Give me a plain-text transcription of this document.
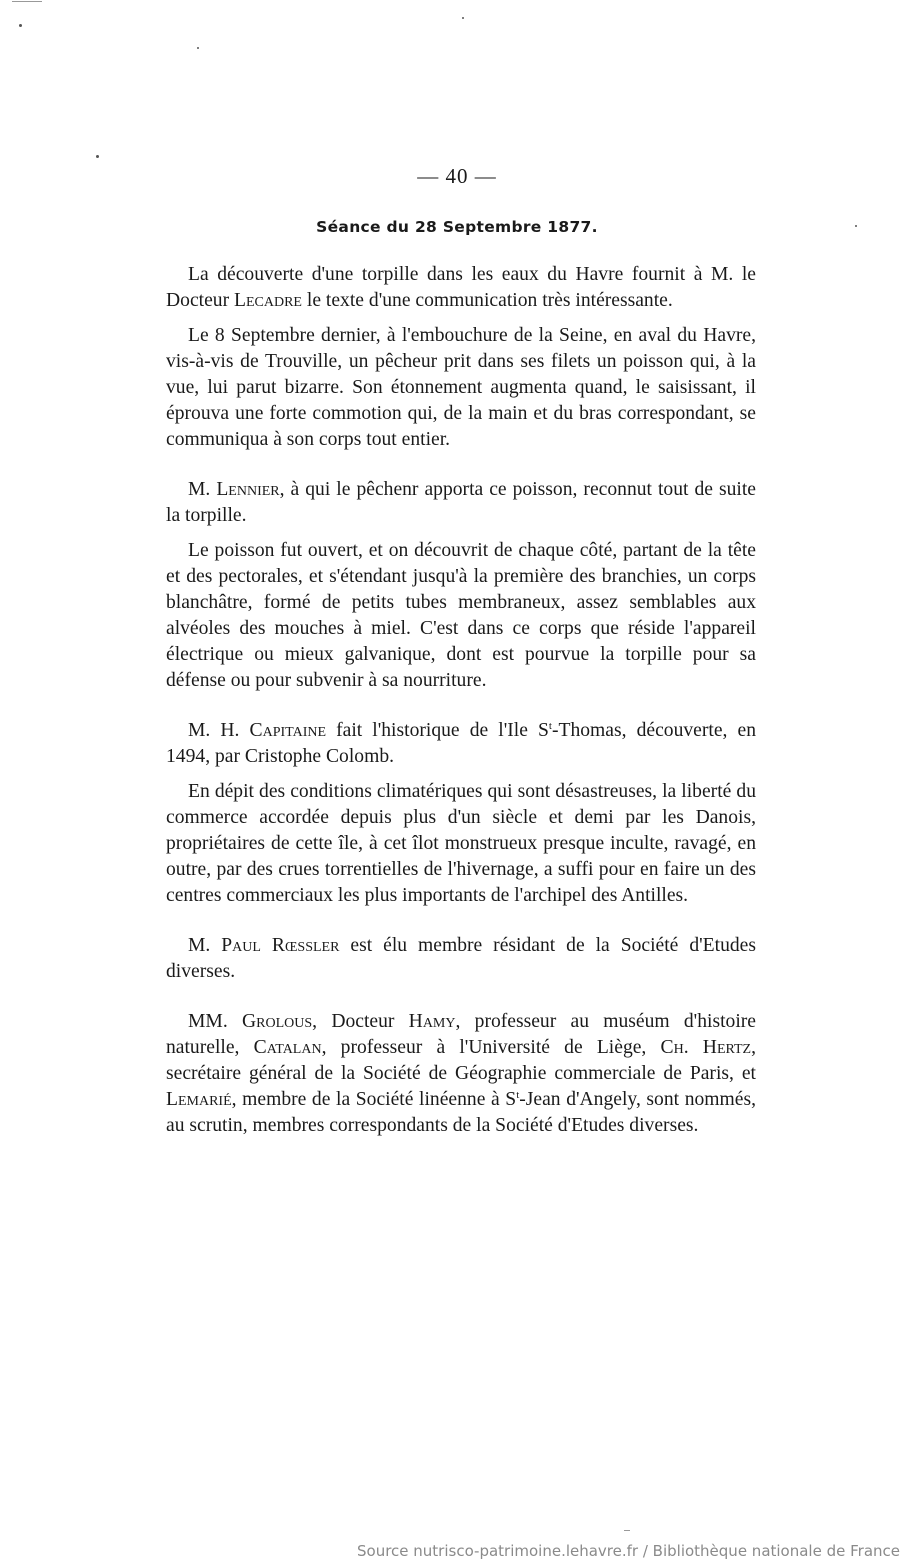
— 40 —
Séance du 28 Septembre 1877.

La découverte d'une torpille dans les eaux du Havre fournit à M. le Docteur Lecadre le texte d'une communication très intéressante.

Le 8 Septembre dernier, à l'embouchure de la Seine, en aval du Havre, vis-à-vis de Trouville, un pêcheur prit dans ses filets un poisson qui, à la vue, lui parut bizarre. Son étonnement augmenta quand, le saisissant, il éprouva une forte commotion qui, de la main et du bras correspondant, se communiqua à son corps tout entier.

M. Lennier, à qui le pêchenr apporta ce poisson, reconnut tout de suite la torpille.

Le poisson fut ouvert, et on découvrit de chaque côté, partant de la tête et des pectorales, et s'étendant jusqu'à la première des branchies, un corps blanchâtre, formé de petits tubes membraneux, assez semblables aux alvéoles des mouches à miel. C'est dans ce corps que réside l'appareil électrique ou mieux galvanique, dont est pourvue la torpille pour sa défense ou pour subvenir à sa nourriture.

M. H. Capitaine fait l'historique de l'Ile $S^t$-Thomas, découverte, en 1494, par Cristophe Colomb.

En dépit des conditions climatériques qui sont désastreuses, la liberté du commerce accordée depuis plus d'un siècle et demi par les Danois, propriétaires de cette île, à cet îlot monstrueux presque inculte, ravagé, en outre, par des crues torrentielles de l'hivernage, a suffi pour en faire un des centres commerciaux les plus importants de l'archipel des Antilles.

M. Paul Rœssler est élu membre résidant de la Société d'Etudes diverses.

MM. Grolous, Docteur Hamy, professeur au muséum d'histoire naturelle, Catalan, professeur à l'Université de Liège, Ch. Hertz, secrétaire général de la Société de Géographie commerciale de Paris, et Lemarié, membre de la Société linéenne à $S^t$-Jean d'Angely, sont nommés, au scrutin, membres correspondants de la Société d'Etudes diverses.

Source nutrisco-patrimoine.lehavre.fr / Bibliothèque nationale de France
